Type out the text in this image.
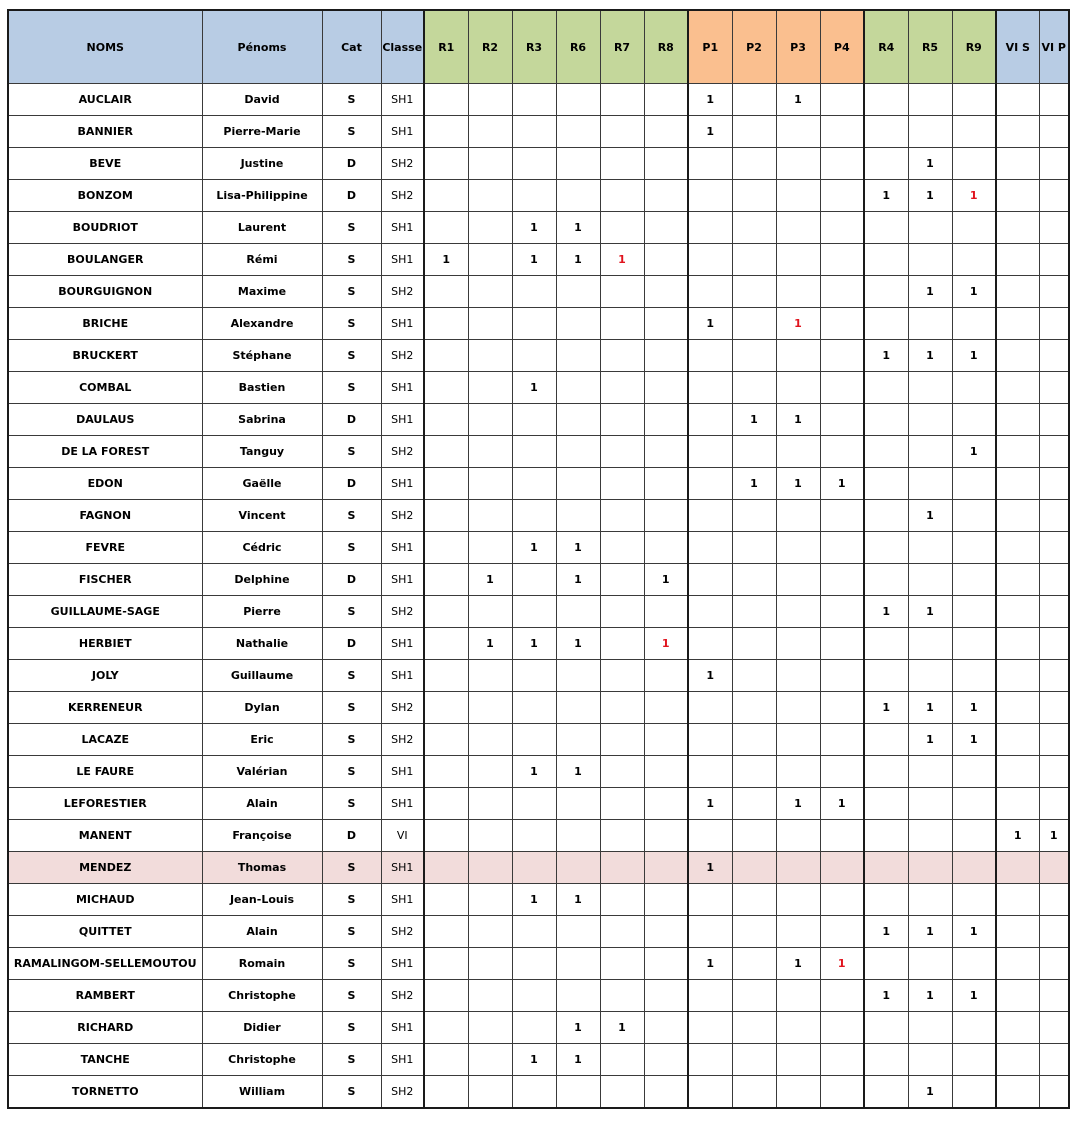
NOMS	Pénoms	Cat	Classe	R1	R2	R3	R6	R7	R8	P1	P2	P3	P4	R4	R5	R9	VI S	VI P
AUCLAIR	David	S	SH1							1		1						
BANNIER	Pierre-Marie	S	SH1							1								
BEVE	Justine	D	SH2												1			
BONZOM	Lisa-Philippine	D	SH2											1	1	1		
BOUDRIOT	Laurent	S	SH1			1	1											
BOULANGER	Rémi	S	SH1	1		1	1	1										
BOURGUIGNON	Maxime	S	SH2												1	1		
BRICHE	Alexandre	S	SH1							1		1						
BRUCKERT	Stéphane	S	SH2											1	1	1		
COMBAL	Bastien	S	SH1			1												
DAULAUS	Sabrina	D	SH1								1	1						
DE LA FOREST	Tanguy	S	SH2													1		
EDON	Gaëlle	D	SH1								1	1	1					
FAGNON	Vincent	S	SH2												1			
FEVRE	Cédric	S	SH1			1	1											
FISCHER	Delphine	D	SH1		1		1		1									
GUILLAUME-SAGE	Pierre	S	SH2											1	1			
HERBIET	Nathalie	D	SH1		1	1	1		1									
JOLY	Guillaume	S	SH1							1								
KERRENEUR	Dylan	S	SH2											1	1	1		
LACAZE	Eric	S	SH2												1	1		
LE FAURE	Valérian	S	SH1			1	1											
LEFORESTIER	Alain	S	SH1							1		1	1					
MANENT	Françoise	D	VI														1	1
MENDEZ	Thomas	S	SH1							1								
MICHAUD	Jean-Louis	S	SH1			1	1											
QUITTET	Alain	S	SH2											1	1	1		
RAMALINGOM-SELLEMOUTOU	Romain	S	SH1							1		1	1					
RAMBERT	Christophe	S	SH2											1	1	1		
RICHARD	Didier	S	SH1				1	1										
TANCHE	Christophe	S	SH1			1	1											
TORNETTO	William	S	SH2												1			
